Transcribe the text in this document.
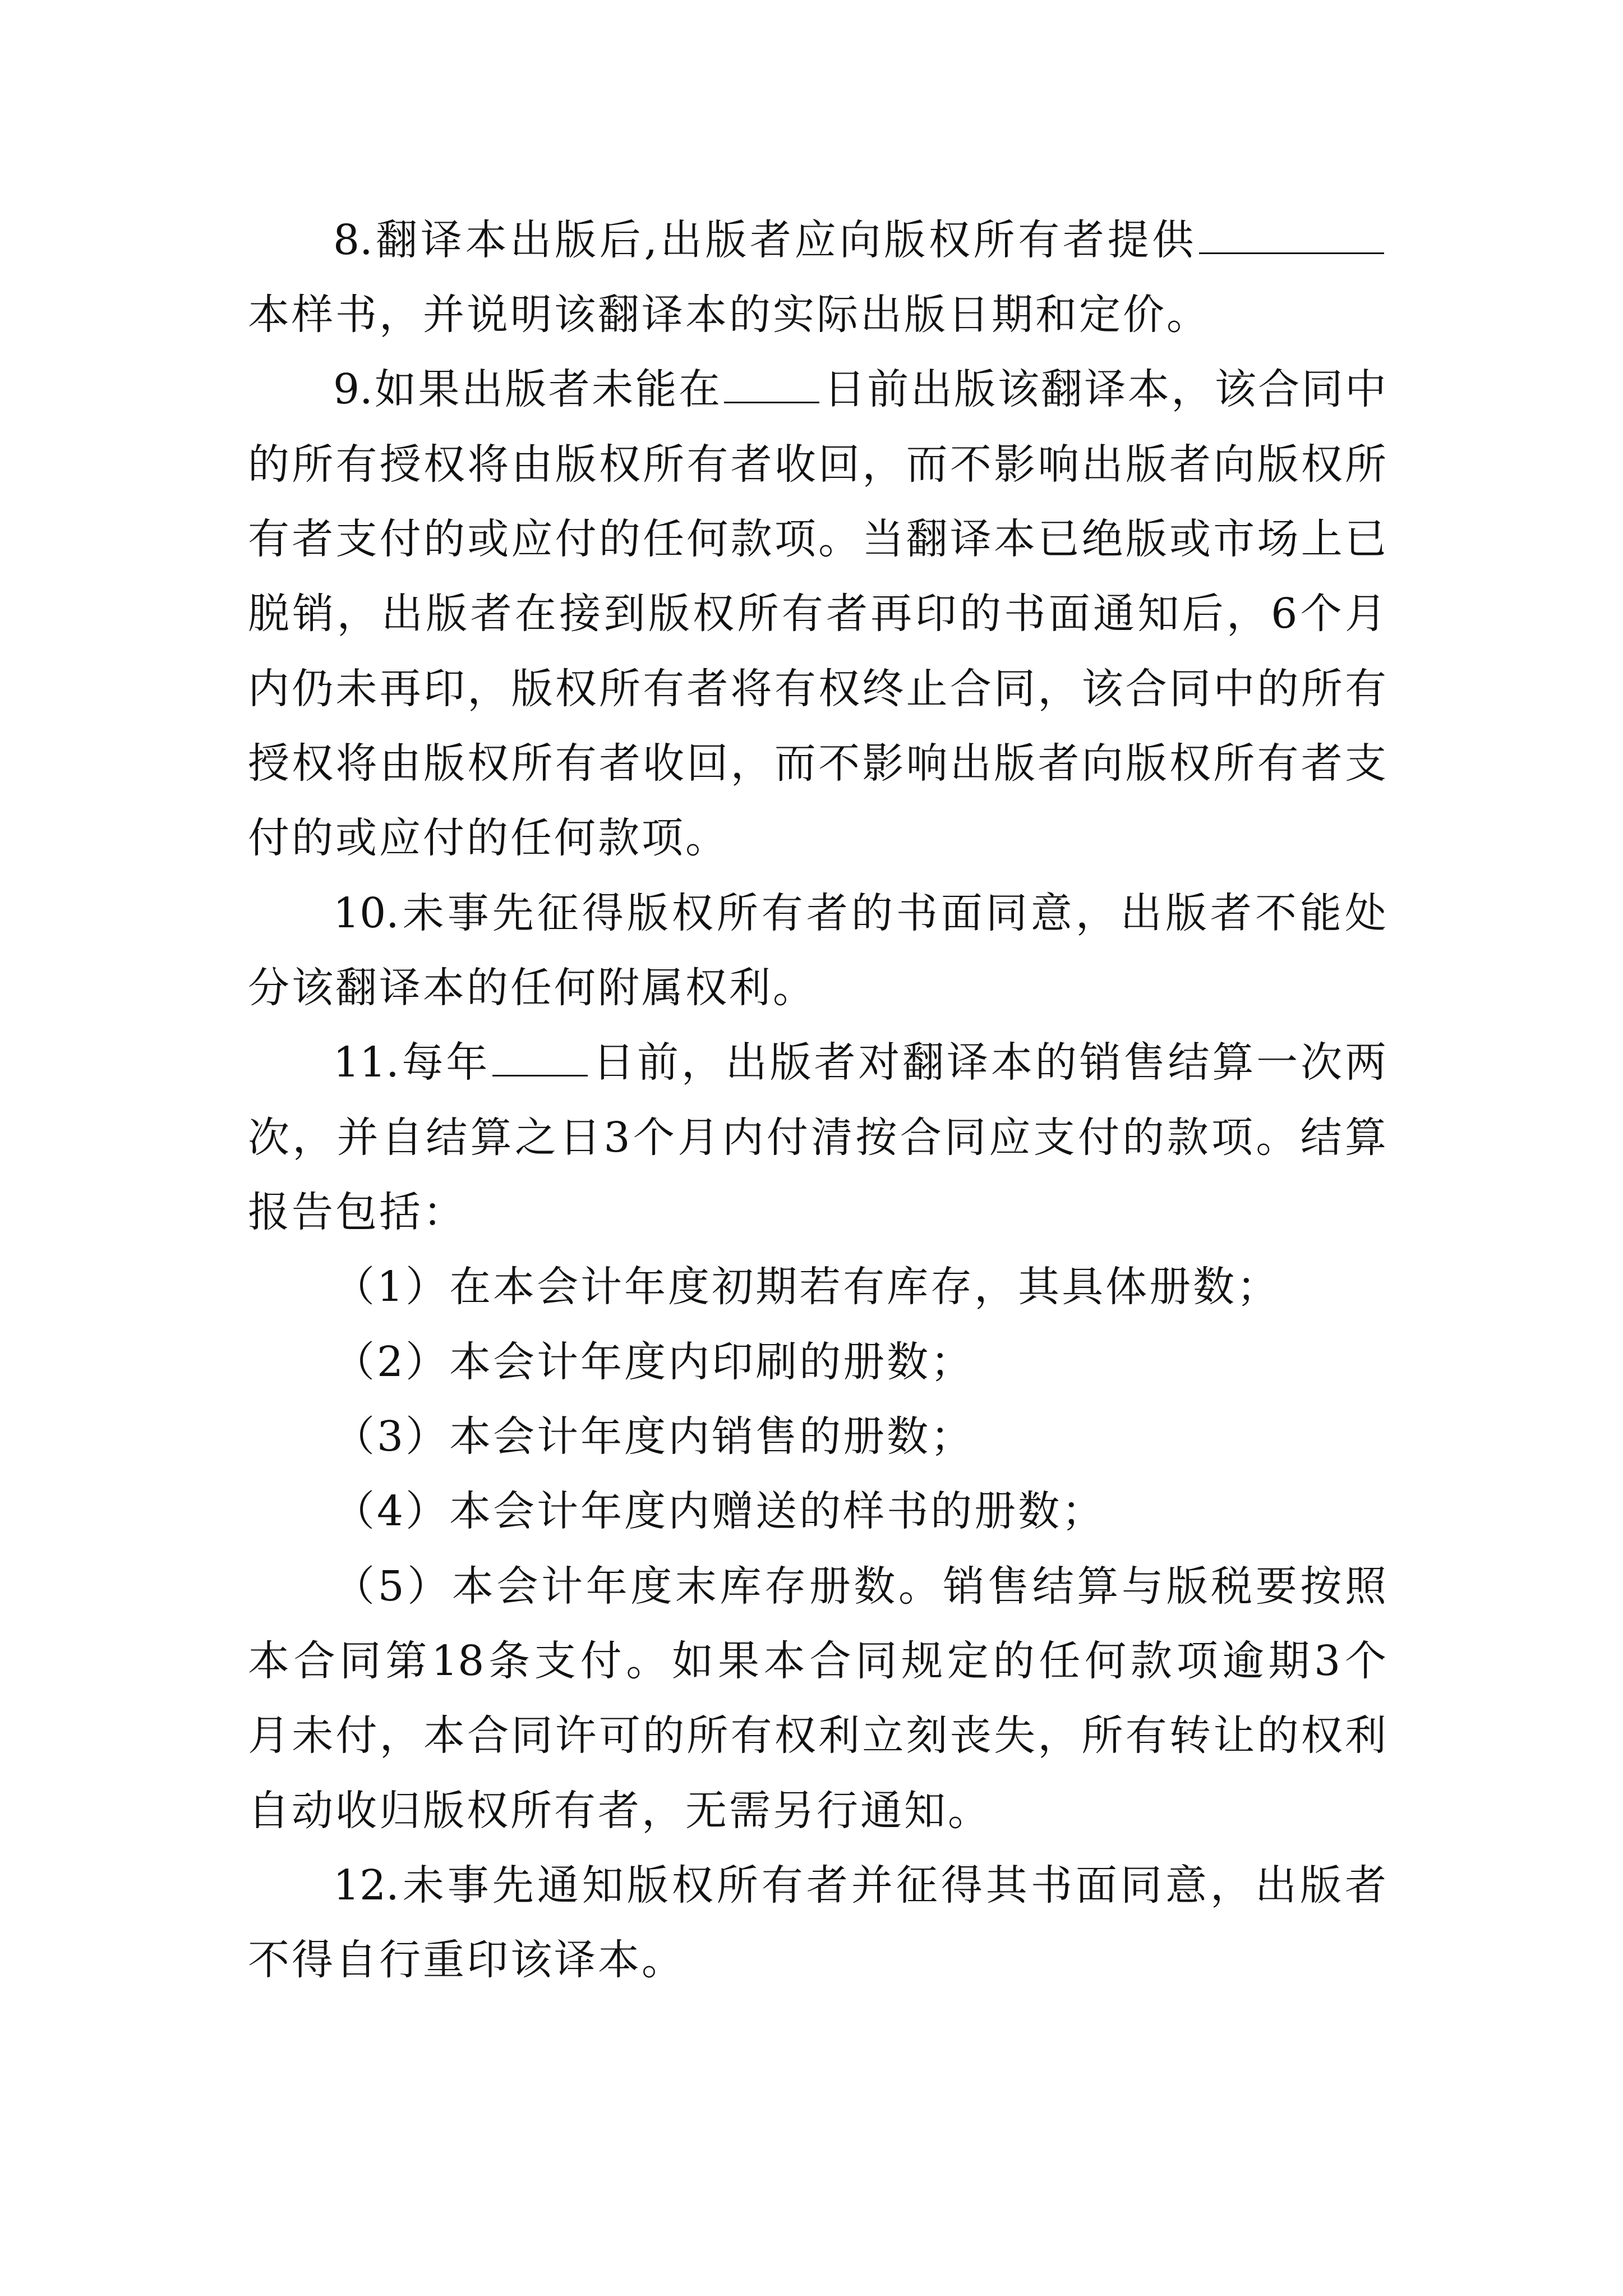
8.翻译本出版后,出版者应向版权所有者提供
本样书，并说明该翻译本的实际出版日期和定价。
9.如果出版者未能在 日前出版该翻译本，该合同中
的所有授权将由版权所有者收回，而不影响出版者向版权所
有者支付的或应付的任何款项。当翻译本已绝版或市场上已
脱销，出版者在接到版权所有者再印的书面通知后，6个月
内仍未再印，版权所有者将有权终止合同，该合同中的所有
授权将由版权所有者收回，而不影响出版者向版权所有者支
付的或应付的任何款项。
10.未事先征得版权所有者的书面同意，出版者不能处
分该翻译本的任何附属权利。
11.每年 日前，出版者对翻译本的销售结算一次两
次，并自结算之日3个月内付清按合同应支付的款项。结算
报告包括：
（1）在本会计年度初期若有库存，其具体册数；
（2）本会计年度内印刷的册数；
（3）本会计年度内销售的册数；
（4）本会计年度内赠送的样书的册数；
（5）本会计年度末库存册数。销售结算与版税要按照
本合同第18条支付。如果本合同规定的任何款项逾期3个
月未付，本合同许可的所有权利立刻丧失，所有转让的权利
自动收归版权所有者，无需另行通知。
12.未事先通知版权所有者并征得其书面同意，出版者
不得自行重印该译本。
